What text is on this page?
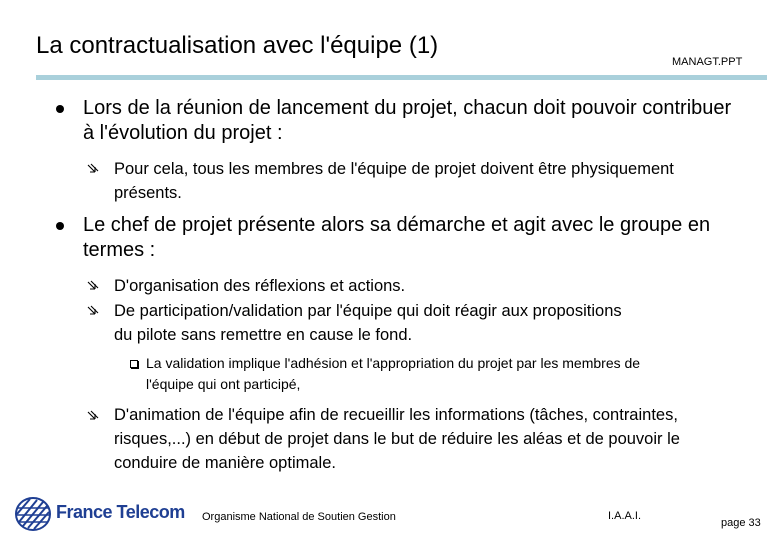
La contractualisation avec l'équipe (1)
MANAGT.PPT
Lors de la réunion de lancement du projet, chacun doit pouvoir contribuer à l'évolution du projet :
Pour cela, tous les membres de l'équipe de projet doivent être physiquement présents.
Le chef de projet présente alors sa démarche et agit avec le groupe en termes :
D'organisation des réflexions et actions.
De participation/validation par l'équipe qui doit réagir aux propositions du pilote sans remettre en cause le fond.
La validation implique l'adhésion et l'appropriation du projet par les membres de l'équipe qui ont participé,
D'animation de l'équipe afin de recueillir les informations (tâches, contraintes, risques,...) en début de projet dans le but de réduire les aléas et de pouvoir le conduire de manière optimale.
France Telecom Organisme National de Soutien Gestion	I.A.A.I.
page 33
